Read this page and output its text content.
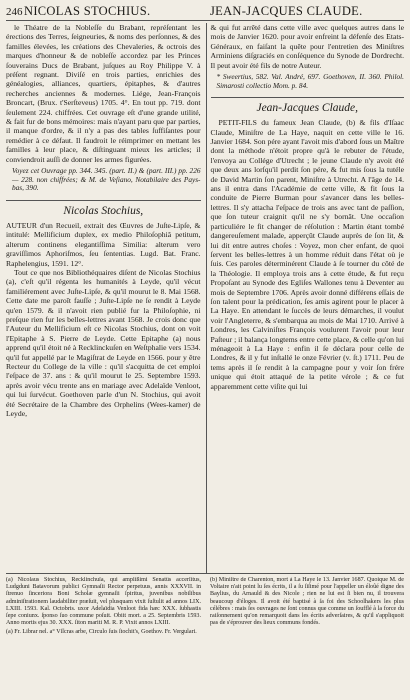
246 NICOLAS STOCHIUS.	JEAN-JACQUES CLAUDE.

le Théatre de la Nobleſſe du Brabant, repréſentant les érections des Terres, ſeigneuries, & noms des perſonnes, & des familles élevées, les créations des Chevaleries, & octrois des marques d'honneur & de nobleſſe accordez par les Princes ſouverains Ducs de Brabant, juſques au Roy Philippe V. à préſent regnant. Diviſé en trois parties, enrichies des généalogies, alliances, quartiers, épitaphes, & d'autres recherches anciennes & modernes. Liége, Jean-François Broncart, (Brux. t'Serſteveus) 1705. 4°. En tout pp. 719. dont ſeulement 224. chiffrées. Cet ouvrage eſt d'une grande utilité, & fait fur de bons mémoires: mais n'ayant paru que par parties, il manque d'ordre, & il n'y a pas des tables ſuffiſantes pour remédier à ce défaut. Il faudroit le réimprimer en mettant les familles à leur place, & diſtinguant mieux les articles; il conviendroit auſſi de donner les armes figurées.

Voyez cet Ouvrage pp. 344. 345. (part. II.) & (part. III.) pp. 226 — 228. non chiffrées; & M. de Veſiano, Notabilaire des Pays-bas, 390.

Nicolas Stochius,

AUTEUR d'un Recueil, extrait des Œuvres de Juſte-Lipſe, & intitulé: Mellificium duplex, ex medio Philoſophiâ petitum, alterum continens elegantiſſima Similia: alterum vero graviſſimos Aphoriſmos, ſeu ſententias. Lugd. Bat. Franc. Raphelengius, 1591. 12°.

Tout ce que nos Bibliothéquaires diſent de Nicolas Stochius (a), c'eſt qu'il régenta les humanités à Leyde, qu'il vécut familiérement avec Juſte-Lipſe, & qu'il mourut le 8. Mai 1568. Cette date me paroît fauſſe ; Juſte-Lipſe ne ſe rendit à Leyde qu'en 1579. & il n'avoit rien publié fur la Philoſophie, ni preſque rien fur les belles-lettres avant 1568. Je crois donc que l'Auteur du Mellificium eſt ce Nicolas Stochius, dont on voit l'Epitaphe à S. Pierre de Leyde. Cette Epitaphe (a) nous apprend qu'il étoit né à Recklinckuſen en Weſtphalie vers 1534. qu'il fut appellé par le Magiſtrat de Leyde en 1566. pour y être Recteur du College de la ville : qu'il s'acquitta de cet emploi l'eſpace de 37. ans : & qu'il mourut le 25. Septembre 1593. après avoir vécu trente ans en mariage avec Adelaïde Venloot, qui lui ſurvécut. Goethoven parle d'un N. Stochius, qui avoit été Secrétaire de la Chambre des Orphelins (Wees-kamer) de Leyde,

& qui fut arrêté dans cette ville avec quelques autres dans le mois de Janvier 1620. pour avoir enfreint la défenſe des Etats-Généraux, en faiſant la quête pour l'entretien des Miniſtres Arminiens diſgraciés en conſéquence du Synode de Dordrecht. Il peut avoir été fils de notre Auteur.

* Sweertius, 582. Val. André, 697. Goethoven, II. 360. Philol. Simarosti collectio Mom. p. 84.

Jean-Jacques Claude,

PETIT-FILS du fameux Jean Claude, (b) & fils d'Iſaac Claude, Miniſtre de La Haye, naquit en cette ville le 16. Janvier 1684. Son pére ayant l'avoit mis d'abord ſous un Maître dont la méthode n'étoit propre qu'à le rebuter de l'étude, l'envoya au Collége d'Utrecht ; le jeune Claude n'y avoit été que deux ans lorſqu'il perdit ſon pére, & fut mis ſous la tutéle de David Martin ſon parent, Miniſtre à Utrecht. A l'âge de 14. ans il entra dans l'Académie de cette ville, & fit ſous la conduite de Pierre Burman pour s'avancer dans les belles-lettres. Il s'y attacha l'eſpace de trois ans avec tant de paſſion, que ſon tuteur craignit qu'il ne s'y bornât. Une occaſion particuliére le fit changer de réſolution : Martin étant tombé dangereuſement malade, apperçût Claude auprès de ſon lit, & lui dit entre autres choſes : Voyez, mon cher enfant, de quoi ſervent les belles-lettres à un homme réduit dans l'état où je ſuis. Ces paroles déterminérent Claude à ſe tourner du côté de la Théologie. Il employa trois ans à cette étude, & fut reçu Propoſant au Synode des Egliſes Wallones tenu à Deventer au mois de Septembre 1706. Après avoir donné différens eſſais de ſon talent pour la prédication, ſes amis agirent pour le placer à La Haye. En attendant le ſuccès de leurs démarches, il voulut voir l'Angleterre, & s'embarqua au mois de Mai 1710. Arrivé à Londres, les Calviniſtes François voulurent l'avoir pour leur Paſteur ; il balança longtems entre cette place, & celle qu'on lui ménageoit à La Haye : enfin il ſe déclara pour celle de Londres, & il y fut inſtallé le onze Février (v. ſt.) 1711. Peu de tems après il ſe rendit à la campagne pour y voir ſon frére unique qui étoit attaqué de la petite vérole ; & ce fut apparemment cette viſite qui lui

(a) Nicolaus Stochius, Recklinchuſa, qui amplißimi Senatûs accerſitus, Ludgduni Batavorum publici Gymnaſii Rector perpetuus, annis XXXVII. in ſtrenuo ſinceriora Boni Scholæ gymnaſii ſpiritus, juvenibus nobilibus adminiſtrationem laudabiliter præſuit, vel plusquam vixit ſuſtulit ad annos LIX. LXIII. 1593. Kal. Octobris. uxor Adelaïdia Venloot fida hæc XXX. ſubhastis ſepe coniunx. ſponso ſuo commune poſuit. Obiit mort. a 25. Septembris 1593. Anno mortis ejus 30. XXX. ſiton mariti M. R. P. Vixit annos LXIII.
(a) Fr. Librar nel. a° Vſſcras arbe, Circulo ſuis ſtochit's, Goethov. Fr. Vergulari.
(b) Miniſtre de Charenton, mort à La Haye le 13. Janvier 1687. Quoique M. de Voltaire n'ait point lu ſes écrits, il a ſu ſiſimé pour l'appeller un éloûé digne des Baylius, du Arnauld & des Nicole ; rien ne lui est ſi bien nu, il trouvera beaucoup d'éloges. Il avoit été baptisé à ſa foi des Schoolhakers les plus célébres : mais ſes ouvrages ne ſont connus que comme un ſoufflé à la force du raiſonnement qu'on remarquoit dans les écrits adverſaires, & qu'il s'appliquoit pas de s'éprouver des lieux communs fondés.
